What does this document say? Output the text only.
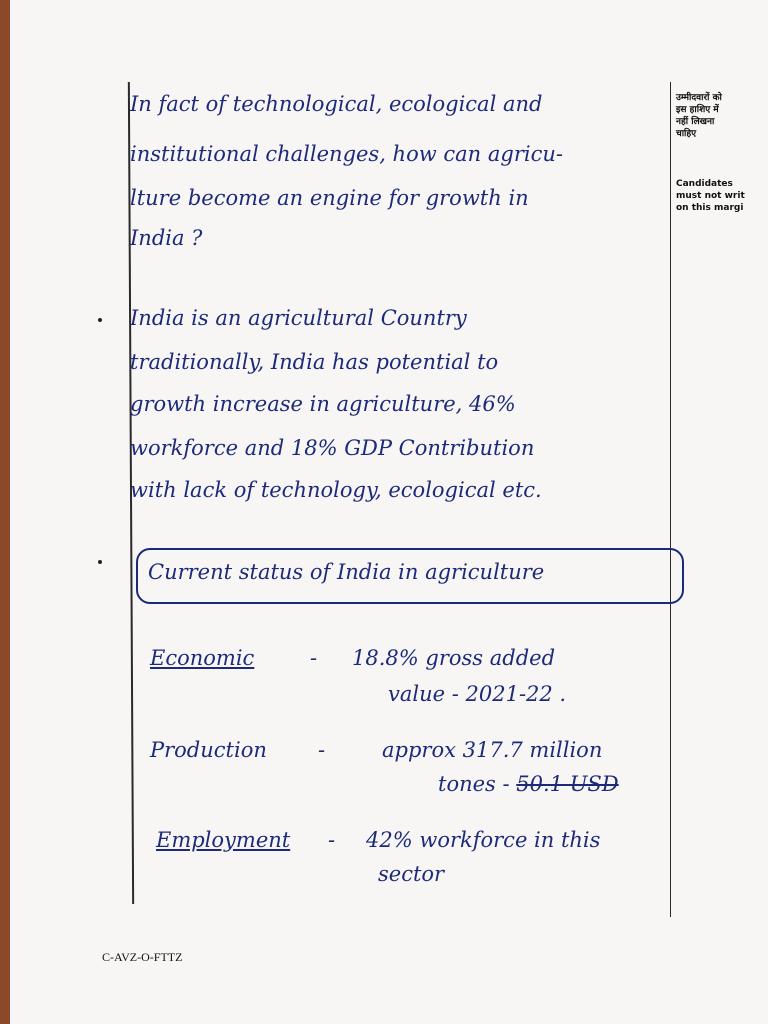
उम्मीदवारों को
इस हाशिए में
नहीं लिखना
चाहिए
Candidates
must not writ
on this margi
In fact of technological, ecological and
institutional challenges, how can agricu-
lture become an engine for growth in
India ?
India is an agricultural Country
traditionally, India has potential to
growth increase in agriculture, 46%
workforce and 18% GDP Contribution
with lack of technology, ecological etc.
Current status of India in agriculture
Economic	- 18.8% gross added
value - 2021-22 .
Production -	approx 317.7 million
tones - 50.1 USD
Employment - 42% workforce in this
sector
C-AVZ-O-FTTZ
